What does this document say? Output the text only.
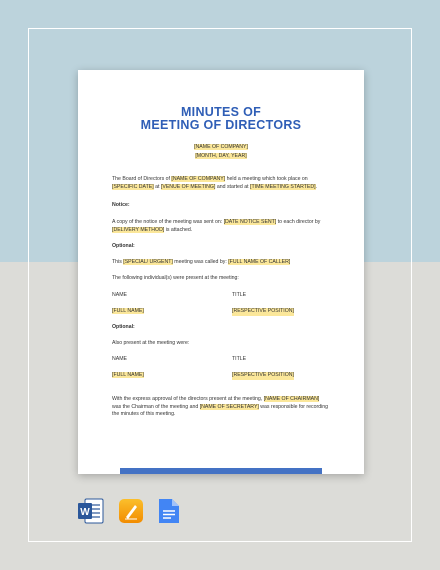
MINUTES OF
MEETING OF DIRECTORS
[NAME OF COMPANY]
[MONTH, DAY, YEAR]
The Board of Directors of [NAME OF COMPANY] held a meeting which took place on
[SPECIFIC DATE] at [VENUE OF MEETING] and started at [TIME MEETING STARTED].
Notice:
A copy of the notice of the meeting was sent on: [DATE NOTICE SENT] to each director by
[DELIVERY METHOD] is attached.
Optional:
This [SPECIAL/ URGENT] meeting was called by: [FULL NAME OF CALLER]
The following individual(s) were present at the meeting:
NAME	TITLE
[FULL NAME]	[RESPECTIVE POSITION]
Optional:
Also present at the meeting were:
NAME	TITLE
[FULL NAME]	[RESPECTIVE POSITION]
With the express approval of the directors present at the meeting, [NAME OF CHAIRMAN]
was the Chairman of the meeting and [NAME OF SECRETARY] was responsible for recording
the minutes of this meeting.
W
